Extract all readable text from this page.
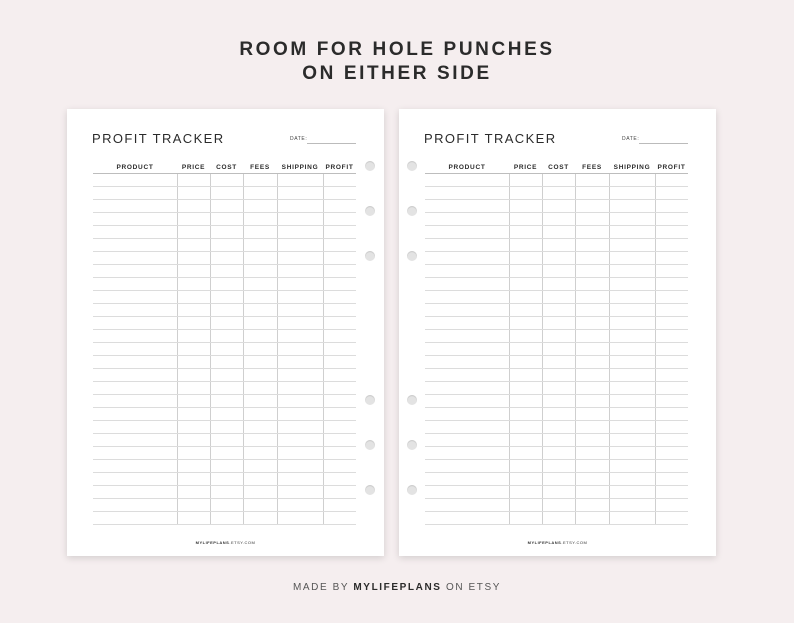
ROOM FOR HOLE PUNCHES
ON EITHER SIDE
PROFIT TRACKER	DATE:
PRODUCT	PRICE	COST	FEES	SHIPPING	PROFIT

MYLIFEPLANS.ETSY.COM
PROFIT TRACKER	DATE:
PRODUCT	PRICE	COST	FEES	SHIPPING	PROFIT

MYLIFEPLANS.ETSY.COM
MADE BY MYLIFEPLANS ON ETSY
